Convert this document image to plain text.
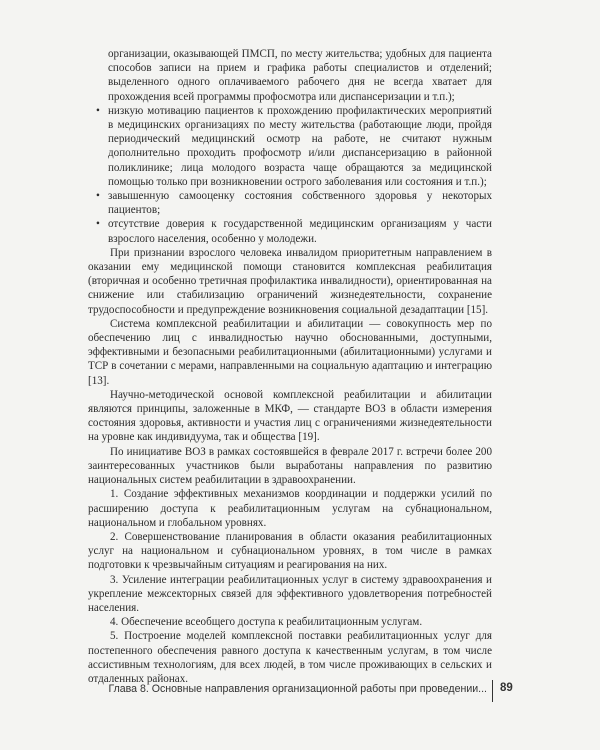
организации, оказывающей ПМСП, по месту жительства; удобных для пациента способов записи на прием и графика работы специалистов и отделений; выделенного одного оплачиваемого рабочего дня не всегда хватает для прохождения всей программы профосмотра или диспансеризации и т.п.);

• низкую мотивацию пациентов к прохождению профилактических мероприятий в медицинских организациях по месту жительства (работающие люди, пройдя периодический медицинский осмотр на работе, не считают нужным дополнительно проходить профосмотр и/или диспансеризацию в районной поликлинике; лица молодого возраста чаще обращаются за медицинской помощью только при возникновении острого заболевания или состояния и т.п.);
• завышенную самооценку состояния собственного здоровья у некоторых пациентов;
• отсутствие доверия к государственной медицинским организациям у части взрослого населения, особенно у молодежи.

При признании взрослого человека инвалидом приоритетным направлением в оказании ему медицинской помощи становится комплексная реабилитация (вторичная и особенно третичная профилактика инвалидности), ориентированная на снижение или стабилизацию ограничений жизнедеятельности, сохранение трудоспособности и предупреждение возникновения социальной дезадаптации [15].

Система комплексной реабилитации и абилитации — совокупность мер по обеспечению лиц с инвалидностью научно обоснованными, доступными, эффективными и безопасными реабилитационными (абилитационными) услугами и ТСР в сочетании с мерами, направленными на социальную адаптацию и интеграцию [13].

Научно-методической основой комплексной реабилитации и абилитации являются принципы, заложенные в МКФ, — стандарте ВОЗ в области измерения состояния здоровья, активности и участия лиц с ограничениями жизнедеятельности на уровне как индивидуума, так и общества [19].

По инициативе ВОЗ в рамках состоявшейся в феврале 2017 г. встречи более 200 заинтересованных участников были выработаны направления по развитию национальных систем реабилитации в здравоохранении.

1. Создание эффективных механизмов координации и поддержки усилий по расширению доступа к реабилитационным услугам на субнациональном, национальном и глобальном уровнях.

2. Совершенствование планирования в области оказания реабилитационных услуг на национальном и субнациональном уровнях, в том числе в рамках подготовки к чрезвычайным ситуациям и реагирования на них.

3. Усиление интеграции реабилитационных услуг в систему здравоохранения и укрепление межсекторных связей для эффективного удовлетворения потребностей населения.

4. Обеспечение всеобщего доступа к реабилитационным услугам.

5. Построение моделей комплексной поставки реабилитационных услуг для постепенного обеспечения равного доступа к качественным услугам, в том числе ассистивным технологиям, для всех людей, в том числе проживающих в сельских и отдаленных районах.

Глава 8. Основные направления организационной работы при проведении... 89
